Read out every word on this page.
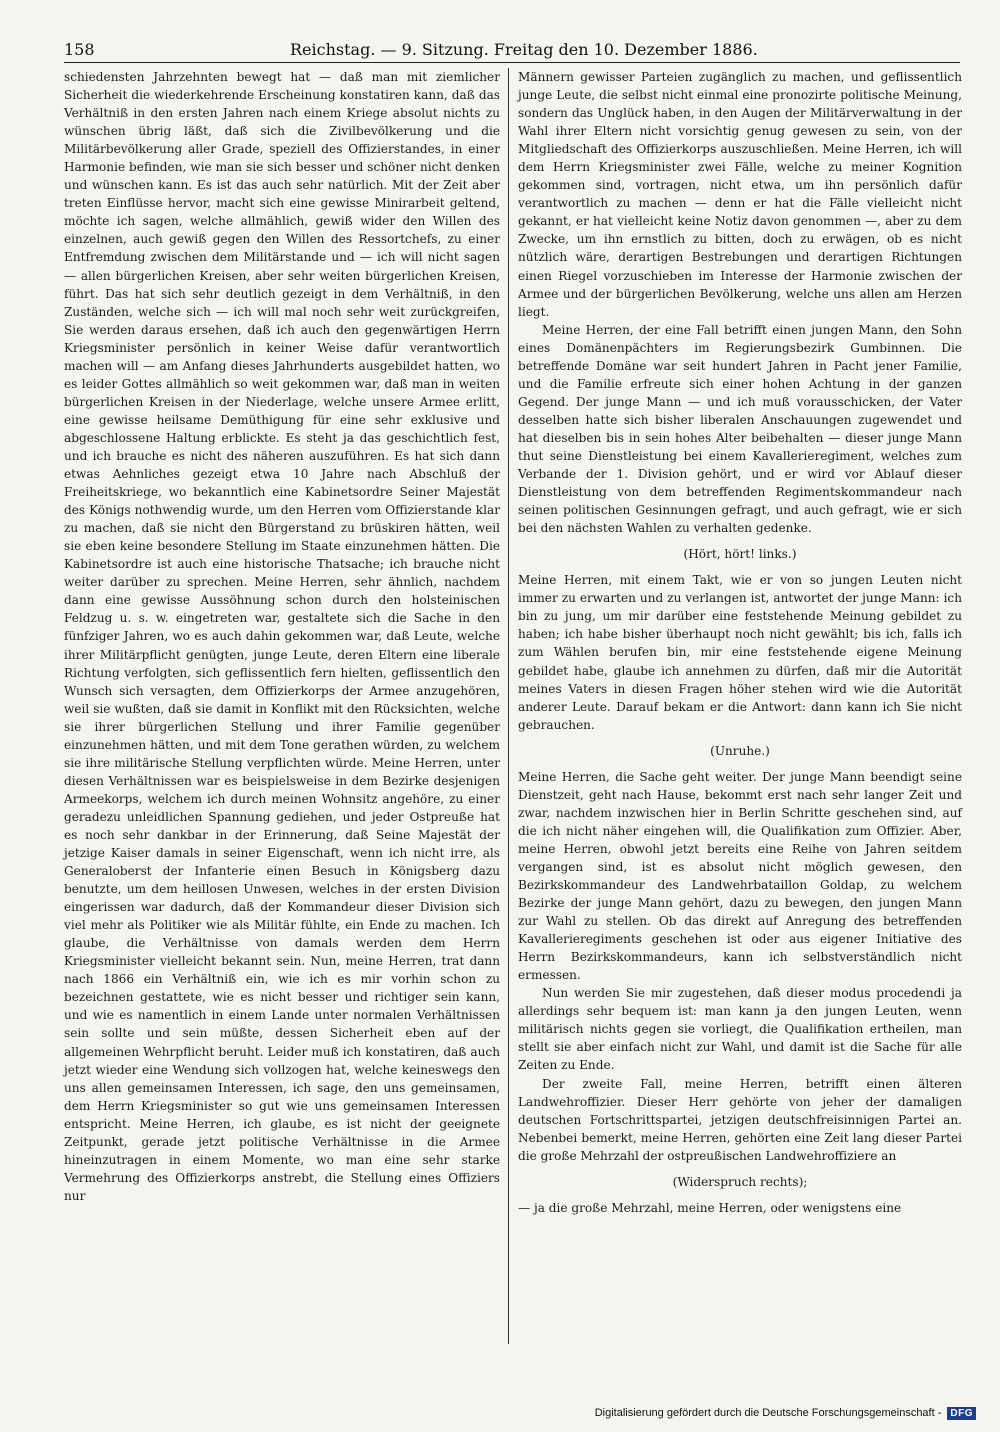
158	Reichstag. — 9. Sitzung. Freitag den 10. Dezember 1886.

schiedensten Jahrzehnten bewegt hat — daß man mit ziemlicher Sicherheit die wiederkehrende Erscheinung konstatiren kann, daß das Verhältniß in den ersten Jahren nach einem Kriege absolut nichts zu wünschen übrig läßt, daß sich die Zivilbevölkerung und die Militärbevölkerung aller Grade, speziell des Offizierstandes, in einer Harmonie befinden, wie man sie sich besser und schöner nicht denken und wünschen kann. Es ist das auch sehr natürlich. Mit der Zeit aber treten Einflüsse hervor, macht sich eine gewisse Minirarbeit geltend, möchte ich sagen, welche allmählich, gewiß wider den Willen des einzelnen, auch gewiß gegen den Willen des Ressortchefs, zu einer Entfremdung zwischen dem Militärstande und — ich will nicht sagen — allen bürgerlichen Kreisen, aber sehr weiten bürgerlichen Kreisen, führt. Das hat sich sehr deutlich gezeigt in dem Verhältniß, in den Zuständen, welche sich — ich will mal noch sehr weit zurückgreifen, Sie werden daraus ersehen, daß ich auch den gegenwärtigen Herrn Kriegsminister persönlich in keiner Weise dafür verantwortlich machen will — am Anfang dieses Jahrhunderts ausgebildet hatten, wo es leider Gottes allmählich so weit gekommen war, daß man in weiten bürgerlichen Kreisen in der Niederlage, welche unsere Armee erlitt, eine gewisse heilsame Demüthigung für eine sehr exklusive und abgeschlossene Haltung erblickte. Es steht ja das geschichtlich fest, und ich brauche es nicht des näheren auszuführen. Es hat sich dann etwas Aehnliches gezeigt etwa 10 Jahre nach Abschluß der Freiheitskriege, wo bekanntlich eine Kabinetsordre Seiner Majestät des Königs nothwendig wurde, um den Herren vom Offizierstande klar zu machen, daß sie nicht den Bürgerstand zu brüskiren hätten, weil sie eben keine besondere Stellung im Staate einzunehmen hätten. Die Kabinetsordre ist auch eine historische Thatsache; ich brauche nicht weiter darüber zu sprechen. Meine Herren, sehr ähnlich, nachdem dann eine gewisse Aussöhnung schon durch den holsteinischen Feldzug u. s. w. eingetreten war, gestaltete sich die Sache in den fünfziger Jahren, wo es auch dahin gekommen war, daß Leute, welche ihrer Militärpflicht genügten, junge Leute, deren Eltern eine liberale Richtung verfolgten, sich geflissentlich fern hielten, geflissentlich den Wunsch sich versagten, dem Offizierkorps der Armee anzugehören, weil sie wußten, daß sie damit in Konflikt mit den Rücksichten, welche sie ihrer bürgerlichen Stellung und ihrer Familie gegenüber einzunehmen hätten, und mit dem Tone gerathen würden, zu welchem sie ihre militärische Stellung verpflichten würde. Meine Herren, unter diesen Verhältnissen war es beispielsweise in dem Bezirke desjenigen Armeekorps, welchem ich durch meinen Wohnsitz angehöre, zu einer geradezu unleidlichen Spannung gediehen, und jeder Ostpreuße hat es noch sehr dankbar in der Erinnerung, daß Seine Majestät der jetzige Kaiser damals in seiner Eigenschaft, wenn ich nicht irre, als Generaloberst der Infanterie einen Besuch in Königsberg dazu benutzte, um dem heillosen Unwesen, welches in der ersten Division eingerissen war dadurch, daß der Kommandeur dieser Division sich viel mehr als Politiker wie als Militär fühlte, ein Ende zu machen. Ich glaube, die Verhältnisse von damals werden dem Herrn Kriegsminister vielleicht bekannt sein. Nun, meine Herren, trat dann nach 1866 ein Verhältniß ein, wie ich es mir vorhin schon zu bezeichnen gestattete, wie es nicht besser und richtiger sein kann, und wie es namentlich in einem Lande unter normalen Verhältnissen sein sollte und sein müßte, dessen Sicherheit eben auf der allgemeinen Wehrpflicht beruht. Leider muß ich konstatiren, daß auch jetzt wieder eine Wendung sich vollzogen hat, welche keineswegs den uns allen gemeinsamen Interessen, ich sage, den uns gemeinsamen, dem Herrn Kriegsminister so gut wie uns gemeinsamen Interessen entspricht. Meine Herren, ich glaube, es ist nicht der geeignete Zeitpunkt, gerade jetzt politische Verhältnisse in die Armee hineinzutragen in einem Momente, wo man eine sehr starke Vermehrung des Offizierkorps anstrebt, die Stellung eines Offiziers nur

Männern gewisser Parteien zugänglich zu machen, und geflissentlich junge Leute, die selbst nicht einmal eine pronozirte politische Meinung, sondern das Unglück haben, in den Augen der Militärverwaltung in der Wahl ihrer Eltern nicht vorsichtig genug gewesen zu sein, von der Mitgliedschaft des Offizierkorps auszuschließen. Meine Herren, ich will dem Herrn Kriegsminister zwei Fälle, welche zu meiner Kognition gekommen sind, vortragen, nicht etwa, um ihn persönlich dafür verantwortlich zu machen — denn er hat die Fälle vielleicht nicht gekannt, er hat vielleicht keine Notiz davon genommen —, aber zu dem Zwecke, um ihn ernstlich zu bitten, doch zu erwägen, ob es nicht nützlich wäre, derartigen Bestrebungen und derartigen Richtungen einen Riegel vorzuschieben im Interesse der Harmonie zwischen der Armee und der bürgerlichen Bevölkerung, welche uns allen am Herzen liegt.

Meine Herren, der eine Fall betrifft einen jungen Mann, den Sohn eines Domänenpächters im Regierungsbezirk Gumbinnen. Die betreffende Domäne war seit hundert Jahren in Pacht jener Familie, und die Familie erfreute sich einer hohen Achtung in der ganzen Gegend. Der junge Mann — und ich muß vorausschicken, der Vater desselben hatte sich bisher liberalen Anschauungen zugewendet und hat dieselben bis in sein hohes Alter beibehalten — dieser junge Mann thut seine Dienstleistung bei einem Kavallerieregiment, welches zum Verbande der 1. Division gehört, und er wird vor Ablauf dieser Dienstleistung von dem betreffenden Regimentskommandeur nach seinen politischen Gesinnungen gefragt, und auch gefragt, wie er sich bei den nächsten Wahlen zu verhalten gedenke.

(Hört, hört! links.)

Meine Herren, mit einem Takt, wie er von so jungen Leuten nicht immer zu erwarten und zu verlangen ist, antwortet der junge Mann: ich bin zu jung, um mir darüber eine feststehende Meinung gebildet zu haben; ich habe bisher überhaupt noch nicht gewählt; bis ich, falls ich zum Wählen berufen bin, mir eine feststehende eigene Meinung gebildet habe, glaube ich annehmen zu dürfen, daß mir die Autorität meines Vaters in diesen Fragen höher stehen wird wie die Autorität anderer Leute. Darauf bekam er die Antwort: dann kann ich Sie nicht gebrauchen.

(Unruhe.)

Meine Herren, die Sache geht weiter. Der junge Mann beendigt seine Dienstzeit, geht nach Hause, bekommt erst nach sehr langer Zeit und zwar, nachdem inzwischen hier in Berlin Schritte geschehen sind, auf die ich nicht näher eingehen will, die Qualifikation zum Offizier. Aber, meine Herren, obwohl jetzt bereits eine Reihe von Jahren seitdem vergangen sind, ist es absolut nicht möglich gewesen, den Bezirkskommandeur des Landwehrbataillon Goldap, zu welchem Bezirke der junge Mann gehört, dazu zu bewegen, den jungen Mann zur Wahl zu stellen. Ob das direkt auf Anregung des betreffenden Kavallerieregiments geschehen ist oder aus eigener Initiative des Herrn Bezirkskommandeurs, kann ich selbstverständlich nicht ermessen.

Nun werden Sie mir zugestehen, daß dieser modus procedendi ja allerdings sehr bequem ist: man kann ja den jungen Leuten, wenn militärisch nichts gegen sie vorliegt, die Qualifikation ertheilen, man stellt sie aber einfach nicht zur Wahl, und damit ist die Sache für alle Zeiten zu Ende.

Der zweite Fall, meine Herren, betrifft einen älteren Landwehroffizier. Dieser Herr gehörte von jeher der damaligen deutschen Fortschrittspartei, jetzigen deutschfreisinnigen Partei an. Nebenbei bemerkt, meine Herren, gehörten eine Zeit lang dieser Partei die große Mehrzahl der ostpreußischen Landwehroffiziere an

(Widerspruch rechts);

— ja die große Mehrzahl, meine Herren, oder wenigstens eine

Digitalisierung gefördert durch die Deutsche Forschungsgemeinschaft - DFG
